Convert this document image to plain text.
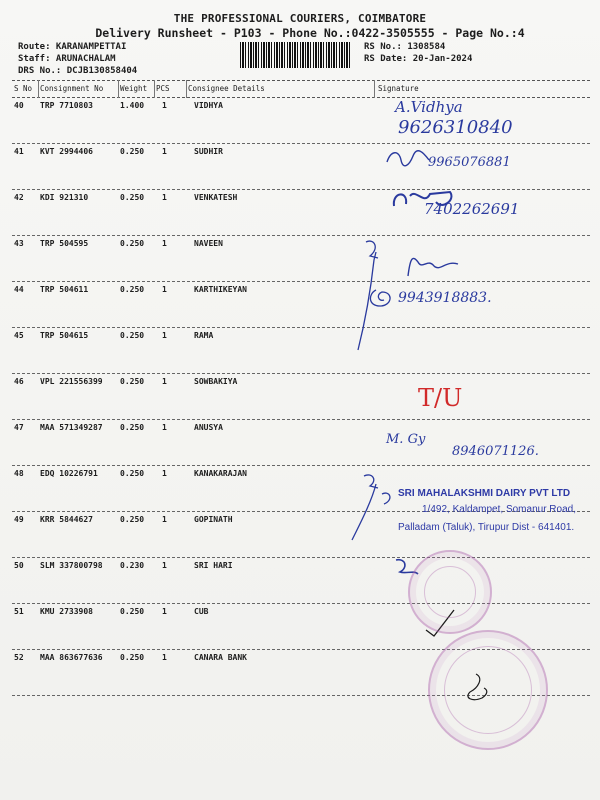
THE PROFESSIONAL COURIERS, COIMBATORE
Delivery Runsheet - P103 - Phone No.:0422-3505555 - Page No.:4
Route: KARANAMPETTAI
Staff: ARUNACHALAM
DRS No.: DCJB130858404
RS No.: 1308584
RS Date: 20-Jan-2024
S No Consignment No Weight PCS Consignee Details	Signature
40 TRP 7710803	1.400 1	VIDHYA
41 KVT 2994406	0.250 1	SUDHIR
42 KDI 921310	0.250 1	VENKATESH
43 TRP 504595	0.250 1	NAVEEN
44 TRP 504611	0.250 1	KARTHIKEYAN
45 TRP 504615	0.250 1	RAMA
46 VPL 221556399 0.250 1	SOWBAKIYA
47 MAA 571349287 0.250 1	ANUSYA
48 EDQ 10226791	0.250 1	KANAKARAJAN
49 KRR 5844627	0.250 1	GOPINATH
50 SLM 337800798 0.230 1	SRI HARI
51 KMU 2733908	0.250 1	CUB
52 MAA 863677636 0.250 1	CANARA BANK
A.Vidhya
9626310840
9965076881
7402262691
9943918883.
T/U
M. Gy
8946071126.
SRI MAHALAKSHMI DAIRY PVT LTD
1/492, Kaldampet, Somanur Road,
Palladam (Taluk), Tirupur Dist - 641401.
